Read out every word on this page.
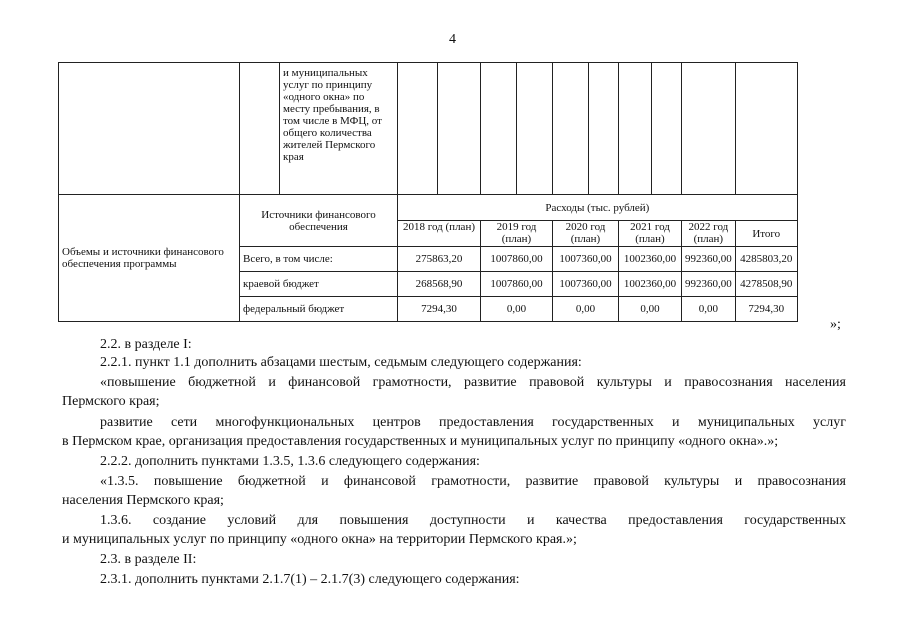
4
		и муниципальных услуг по принципу «одного окна» по месту пребывания, в том числе в МФЦ, от общего количества жителей Пермского края										
Объемы и источники финансового обеспечения программы	Источники финансового обеспечения		Расходы (тыс. рублей)									
			2018 год (план)		2019 год (план)		2020 год (план)		2021 год (план)		2022 год (план)	Итого
	Всего, в том числе:		275863,20		1007860,00		1007360,00		1002360,00		992360,00	4285803,20
	краевой бюджет		268568,90		1007860,00		1007360,00		1002360,00		992360,00	4278508,90
	федеральный бюджет		7294,30		0,00		0,00		0,00		0,00	7294,30
»;
2.2. в разделе I:
2.2.1. пункт 1.1 дополнить абзацами шестым, седьмым следующего содержания:
«повышение бюджетной и финансовой грамотности, развитие правовой культуры и правосознания населения
Пермского края;
развитие сети многофункциональных центров предоставления государственных и муниципальных услуг
в Пермском крае, организация предоставления государственных и муниципальных услуг по принципу «одного окна».»;
2.2.2. дополнить пунктами 1.3.5, 1.3.6 следующего содержания:
«1.3.5. повышение бюджетной и финансовой грамотности, развитие правовой культуры и правосознания
населения Пермского края;
1.3.6. создание условий для повышения доступности и качества предоставления государственных
и муниципальных услуг по принципу «одного окна» на территории Пермского края.»;
2.3. в разделе II:
2.3.1. дополнить пунктами 2.1.7(1) – 2.1.7(3) следующего содержания:
